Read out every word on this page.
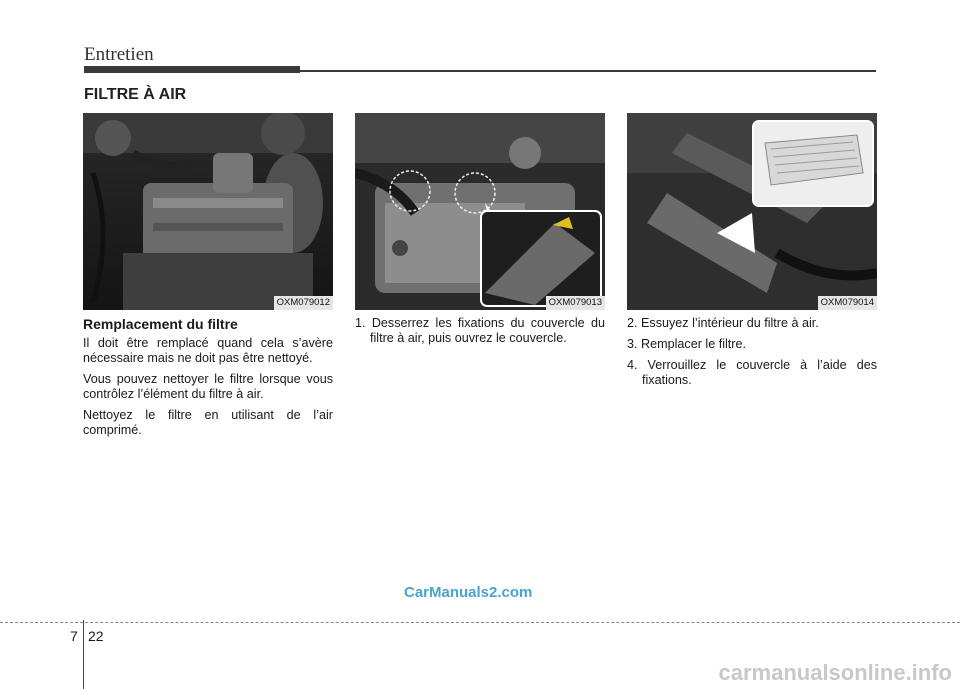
Entretien
FILTRE À AIR
OXM079012	OXM079013	OXM079014
Remplacement du filtre

Il doit être remplacé quand cela s’avère nécessaire mais ne doit pas être nettoyé.

Vous pouvez nettoyer le filtre lorsque vous contrôlez l’élément du filtre à air.

Nettoyez le filtre en utilisant de l’air comprimé.

1. Desserrez les fixations du couvercle du filtre à air, puis ouvrez le couvercle.

2. Essuyez l’intérieur du filtre à air.

3. Remplacer le filtre.

4. Verrouillez le couvercle à l’aide des fixations.

CarManuals2.com
7 22
carmanualsonline.info
